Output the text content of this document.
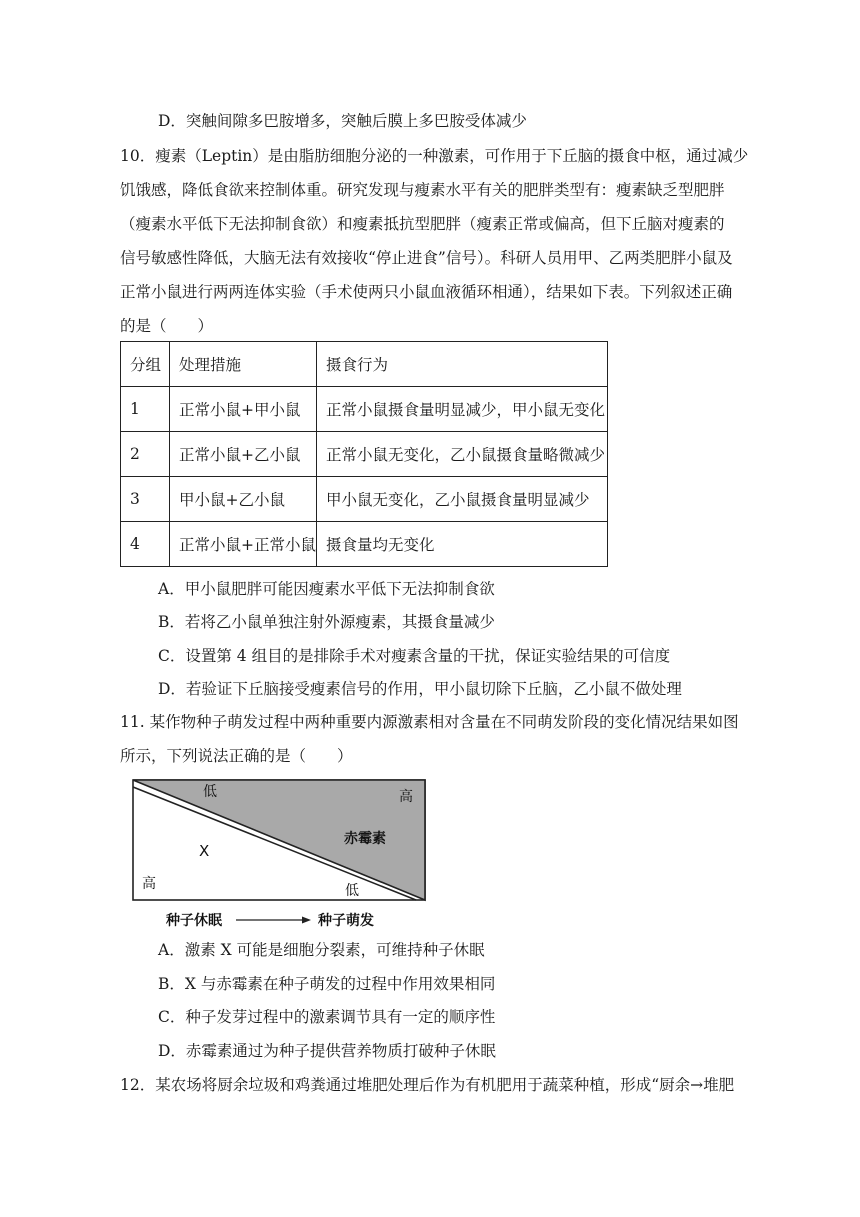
D．突触间隙多巴胺增多，突触后膜上多巴胺受体减少
10．瘦素（Leptin）是由脂肪细胞分泌的一种激素，可作用于下丘脑的摄食中枢，通过减少
饥饿感，降低食欲来控制体重。研究发现与瘦素水平有关的肥胖类型有：瘦素缺乏型肥胖
（瘦素水平低下无法抑制食欲）和瘦素抵抗型肥胖（瘦素正常或偏高，但下丘脑对瘦素的
信号敏感性降低，大脑无法有效接收“停止进食”信号）。科研人员用甲、乙两类肥胖小鼠及
正常小鼠进行两两连体实验（手术使两只小鼠血液循环相通），结果如下表。下列叙述正确
的是（　　）
分组	处理措施	摄食行为
1	正常小鼠+甲小鼠	正常小鼠摄食量明显减少，甲小鼠无变化
2	正常小鼠+乙小鼠	正常小鼠无变化，乙小鼠摄食量略微减少
3	甲小鼠+乙小鼠	甲小鼠无变化，乙小鼠摄食量明显减少
4	正常小鼠+正常小鼠	摄食量均无变化
A．甲小鼠肥胖可能因瘦素水平低下无法抑制食欲
B．若将乙小鼠单独注射外源瘦素，其摄食量减少
C．设置第 4 组目的是排除手术对瘦素含量的干扰，保证实验结果的可信度
D．若验证下丘脑接受瘦素信号的作用，甲小鼠切除下丘脑，乙小鼠不做处理
11. 某作物种子萌发过程中两种重要内源激素相对含量在不同萌发阶段的变化情况结果如图
所示，下列说法正确的是（　　）
低	高
赤霉素
X
高	低
种子休眠	种子萌发
A．激素 X 可能是细胞分裂素，可维持种子休眠
B．X 与赤霉素在种子萌发的过程中作用效果相同
C．种子发芽过程中的激素调节具有一定的顺序性
D．赤霉素通过为种子提供营养物质打破种子休眠
12．某农场将厨余垃圾和鸡粪通过堆肥处理后作为有机肥用于蔬菜种植，形成“厨余→堆肥
